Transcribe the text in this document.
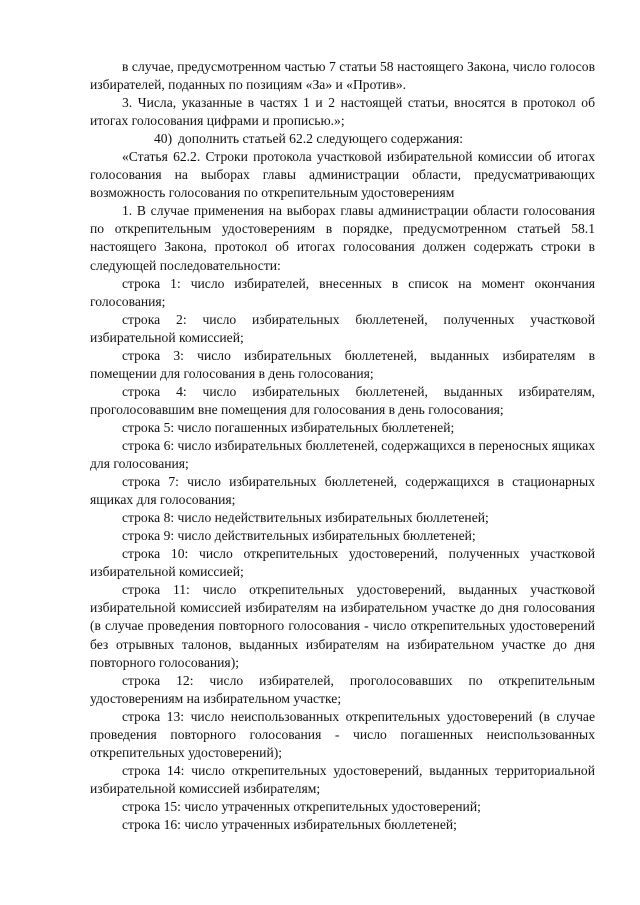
в случае, предусмотренном частью 7 статьи 58 настоящего Закона, число голосов избирателей, поданных по позициям «За» и «Против».

3. Числа, указанные в частях 1 и 2 настоящей статьи, вносятся в протокол об итогах голосования цифрами и прописью.»;

40) дополнить статьей 62.2 следующего содержания:

«Статья 62.2. Строки протокола участковой избирательной комиссии об итогах голосования на выборах главы администрации области, предусматривающих возможность голосования по открепительным удостоверениям

1. В случае применения на выборах главы администрации области голосования по открепительным удостоверениям в порядке, предусмотренном статьей 58.1 настоящего Закона, протокол об итогах голосования должен содержать строки в следующей последовательности:

строка 1: число избирателей, внесенных в список на момент окончания голосования;

строка 2: число избирательных бюллетеней, полученных участковой избирательной комиссией;

строка 3: число избирательных бюллетеней, выданных избирателям в помещении для голосования в день голосования;

строка 4: число избирательных бюллетеней, выданных избирателям, проголосовавшим вне помещения для голосования в день голосования;

строка 5: число погашенных избирательных бюллетеней;

строка 6: число избирательных бюллетеней, содержащихся в переносных ящиках для голосования;

строка 7: число избирательных бюллетеней, содержащихся в стационарных ящиках для голосования;

строка 8: число недействительных избирательных бюллетеней;

строка 9: число действительных избирательных бюллетеней;

строка 10: число открепительных удостоверений, полученных участковой избирательной комиссией;

строка 11: число открепительных удостоверений, выданных участковой избирательной комиссией избирателям на избирательном участке до дня голосования (в случае проведения повторного голосования - число открепительных удостоверений без отрывных талонов, выданных избирателям на избирательном участке до дня повторного голосования);

строка 12: число избирателей, проголосовавших по открепительным удостоверениям на избирательном участке;

строка 13: число неиспользованных открепительных удостоверений (в случае проведения повторного голосования - число погашенных неиспользованных открепительных удостоверений);

строка 14: число открепительных удостоверений, выданных территориальной избирательной комиссией избирателям;

строка 15: число утраченных открепительных удостоверений;

строка 16: число утраченных избирательных бюллетеней;
